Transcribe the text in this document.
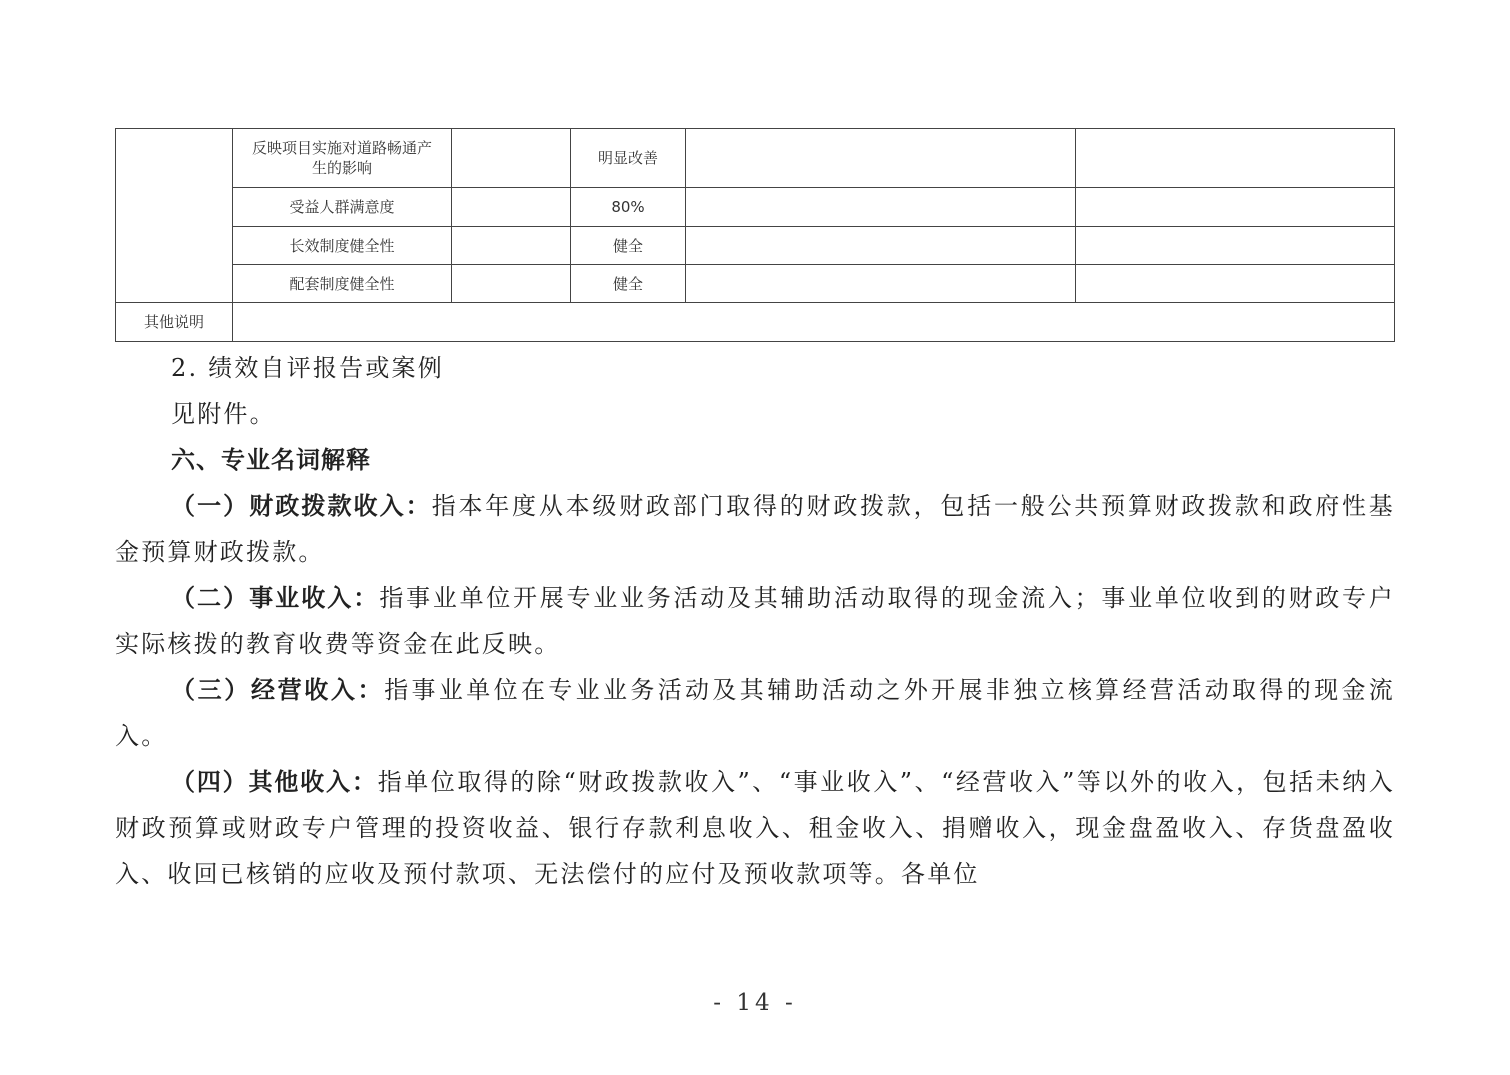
	反映项目实施对道路畅通产生的影响		明显改善		
	受益人群满意度		80%		
	长效制度健全性		健全		
	配套制度健全性		健全		
其他说明					

2. 绩效自评报告或案例

见附件。

六、专业名词解释

（一）财政拨款收入：指本年度从本级财政部门取得的财政拨款，包括一般公共预算财政拨款和政府性基金预算财政拨款。

（二）事业收入：指事业单位开展专业业务活动及其辅助活动取得的现金流入；事业单位收到的财政专户实际核拨的教育收费等资金在此反映。

（三）经营收入：指事业单位在专业业务活动及其辅助活动之外开展非独立核算经营活动取得的现金流入。

（四）其他收入：指单位取得的除“财政拨款收入”、“事业收入”、“经营收入”等以外的收入，包括未纳入财政预算或财政专户管理的投资收益、银行存款利息收入、租金收入、捐赠收入，现金盘盈收入、存货盘盈收入、收回已核销的应收及预付款项、无法偿付的应付及预收款项等。各单位

- 14 -
